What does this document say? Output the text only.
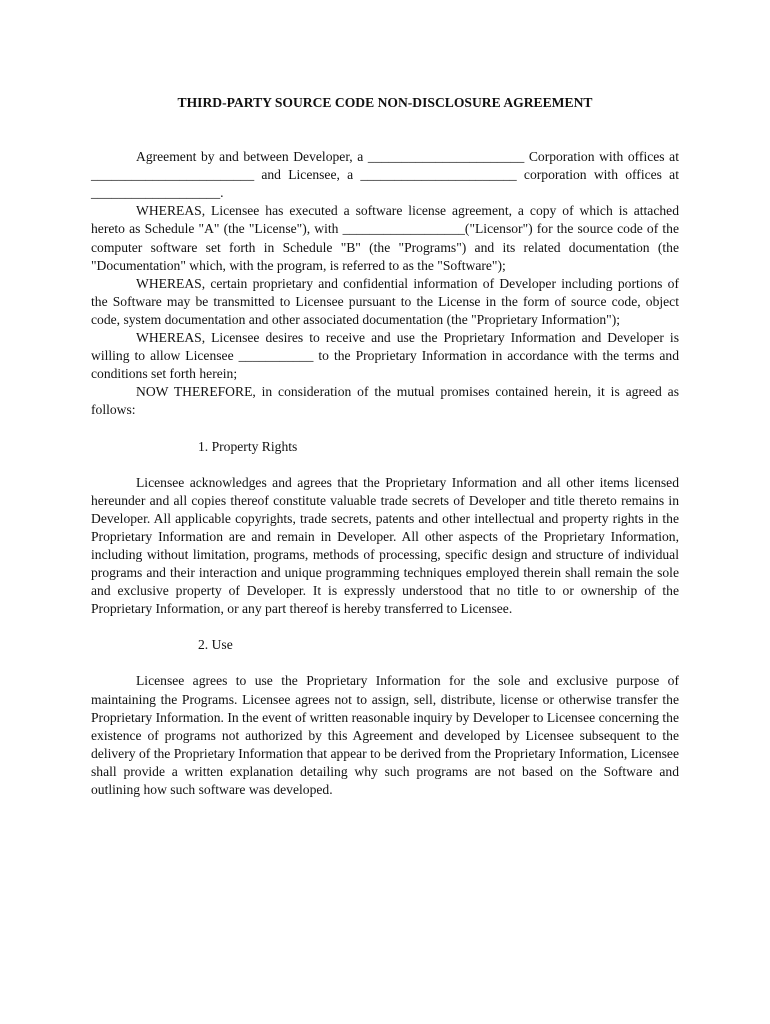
THIRD-PARTY SOURCE CODE NON-DISCLOSURE AGREEMENT

Agreement by and between Developer, a _______________________ Corporation with offices at ________________________ and Licensee, a _______________________ corporation with offices at ___________________.

WHEREAS, Licensee has executed a software license agreement, a copy of which is attached hereto as Schedule "A" (the "License"), with __________________("Licensor") for the source code of the computer software set forth in Schedule "B" (the "Programs") and its related documentation (the "Documentation" which, with the program, is referred to as the "Software");

WHEREAS, certain proprietary and confidential information of Developer including portions of the Software may be transmitted to Licensee pursuant to the License in the form of source code, object code, system documentation and other associated documentation (the "Proprietary Information");

WHEREAS, Licensee desires to receive and use the Proprietary Information and Developer is willing to allow Licensee ___________ to the Proprietary Information in accordance with the terms and conditions set forth herein;

NOW THEREFORE, in consideration of the mutual promises contained herein, it is agreed as follows:

1. Property Rights

Licensee acknowledges and agrees that the Proprietary Information and all other items licensed hereunder and all copies thereof constitute valuable trade secrets of Developer and title thereto remains in Developer. All applicable copyrights, trade secrets, patents and other intellectual and property rights in the Proprietary Information are and remain in Developer. All other aspects of the Proprietary Information, including without limitation, programs, methods of processing, specific design and structure of individual programs and their interaction and unique programming techniques employed therein shall remain the sole and exclusive property of Developer. It is expressly understood that no title to or ownership of the Proprietary Information, or any part thereof is hereby transferred to Licensee.

2. Use

Licensee agrees to use the Proprietary Information for the sole and exclusive purpose of maintaining the Programs. Licensee agrees not to assign, sell, distribute, license or otherwise transfer the Proprietary Information. In the event of written reasonable inquiry by Developer to Licensee concerning the existence of programs not authorized by this Agreement and developed by Licensee subsequent to the delivery of the Proprietary Information that appear to be derived from the Proprietary Information, Licensee shall provide a written explanation detailing why such programs are not based on the Software and outlining how such software was developed.
